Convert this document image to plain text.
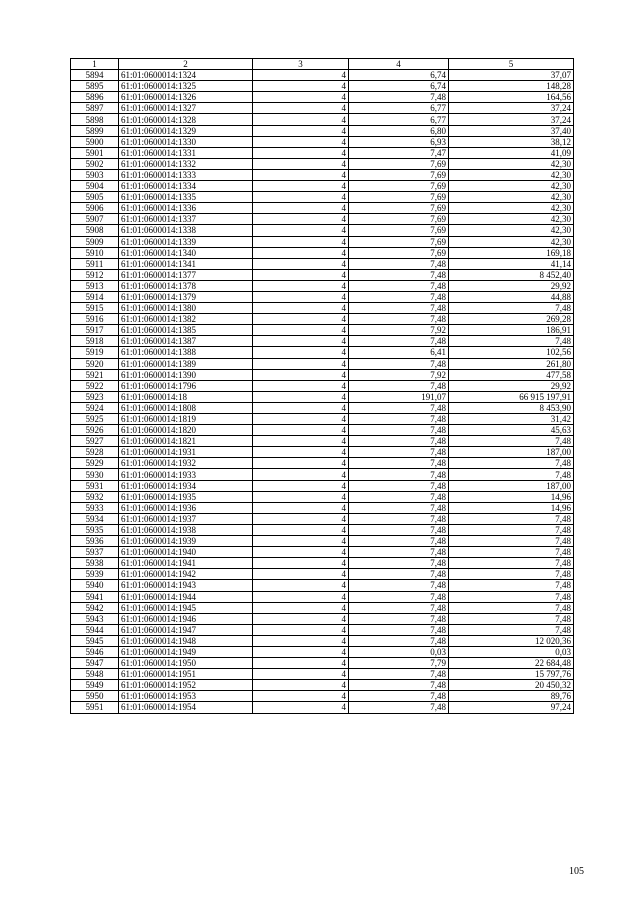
1	2	3	4	5
5894	61:01:0600014:1324	4	6,74	37,07
5895	61:01:0600014:1325	4	6,74	148,28
5896	61:01:0600014:1326	4	7,48	164,56
5897	61:01:0600014:1327	4	6,77	37,24
5898	61:01:0600014:1328	4	6,77	37,24
5899	61:01:0600014:1329	4	6,80	37,40
5900	61:01:0600014:1330	4	6,93	38,12
5901	61:01:0600014:1331	4	7,47	41,09
5902	61:01:0600014:1332	4	7,69	42,30
5903	61:01:0600014:1333	4	7,69	42,30
5904	61:01:0600014:1334	4	7,69	42,30
5905	61:01:0600014:1335	4	7,69	42,30
5906	61:01:0600014:1336	4	7,69	42,30
5907	61:01:0600014:1337	4	7,69	42,30
5908	61:01:0600014:1338	4	7,69	42,30
5909	61:01:0600014:1339	4	7,69	42,30
5910	61:01:0600014:1340	4	7,69	169,18
5911	61:01:0600014:1341	4	7,48	41,14
5912	61:01:0600014:1377	4	7,48	8 452,40
5913	61:01:0600014:1378	4	7,48	29,92
5914	61:01:0600014:1379	4	7,48	44,88
5915	61:01:0600014:1380	4	7,48	7,48
5916	61:01:0600014:1382	4	7,48	269,28
5917	61:01:0600014:1385	4	7,92	186,91
5918	61:01:0600014:1387	4	7,48	7,48
5919	61:01:0600014:1388	4	6,41	102,56
5920	61:01:0600014:1389	4	7,48	261,80
5921	61:01:0600014:1390	4	7,92	477,58
5922	61:01:0600014:1796	4	7,48	29,92
5923	61:01:0600014:18	4	191,07	66 915 197,91
5924	61:01:0600014:1808	4	7,48	8 453,90
5925	61:01:0600014:1819	4	7,48	31,42
5926	61:01:0600014:1820	4	7,48	45,63
5927	61:01:0600014:1821	4	7,48	7,48
5928	61:01:0600014:1931	4	7,48	187,00
5929	61:01:0600014:1932	4	7,48	7,48
5930	61:01:0600014:1933	4	7,48	7,48
5931	61:01:0600014:1934	4	7,48	187,00
5932	61:01:0600014:1935	4	7,48	14,96
5933	61:01:0600014:1936	4	7,48	14,96
5934	61:01:0600014:1937	4	7,48	7,48
5935	61:01:0600014:1938	4	7,48	7,48
5936	61:01:0600014:1939	4	7,48	7,48
5937	61:01:0600014:1940	4	7,48	7,48
5938	61:01:0600014:1941	4	7,48	7,48
5939	61:01:0600014:1942	4	7,48	7,48
5940	61:01:0600014:1943	4	7,48	7,48
5941	61:01:0600014:1944	4	7,48	7,48
5942	61:01:0600014:1945	4	7,48	7,48
5943	61:01:0600014:1946	4	7,48	7,48
5944	61:01:0600014:1947	4	7,48	7,48
5945	61:01:0600014:1948	4	7,48	12 020,36
5946	61:01:0600014:1949	4	0,03	0,03
5947	61:01:0600014:1950	4	7,79	22 684,48
5948	61:01:0600014:1951	4	7,48	15 797,76
5949	61:01:0600014:1952	4	7,48	20 450,32
5950	61:01:0600014:1953	4	7,48	89,76
5951	61:01:0600014:1954	4	7,48	97,24
105
